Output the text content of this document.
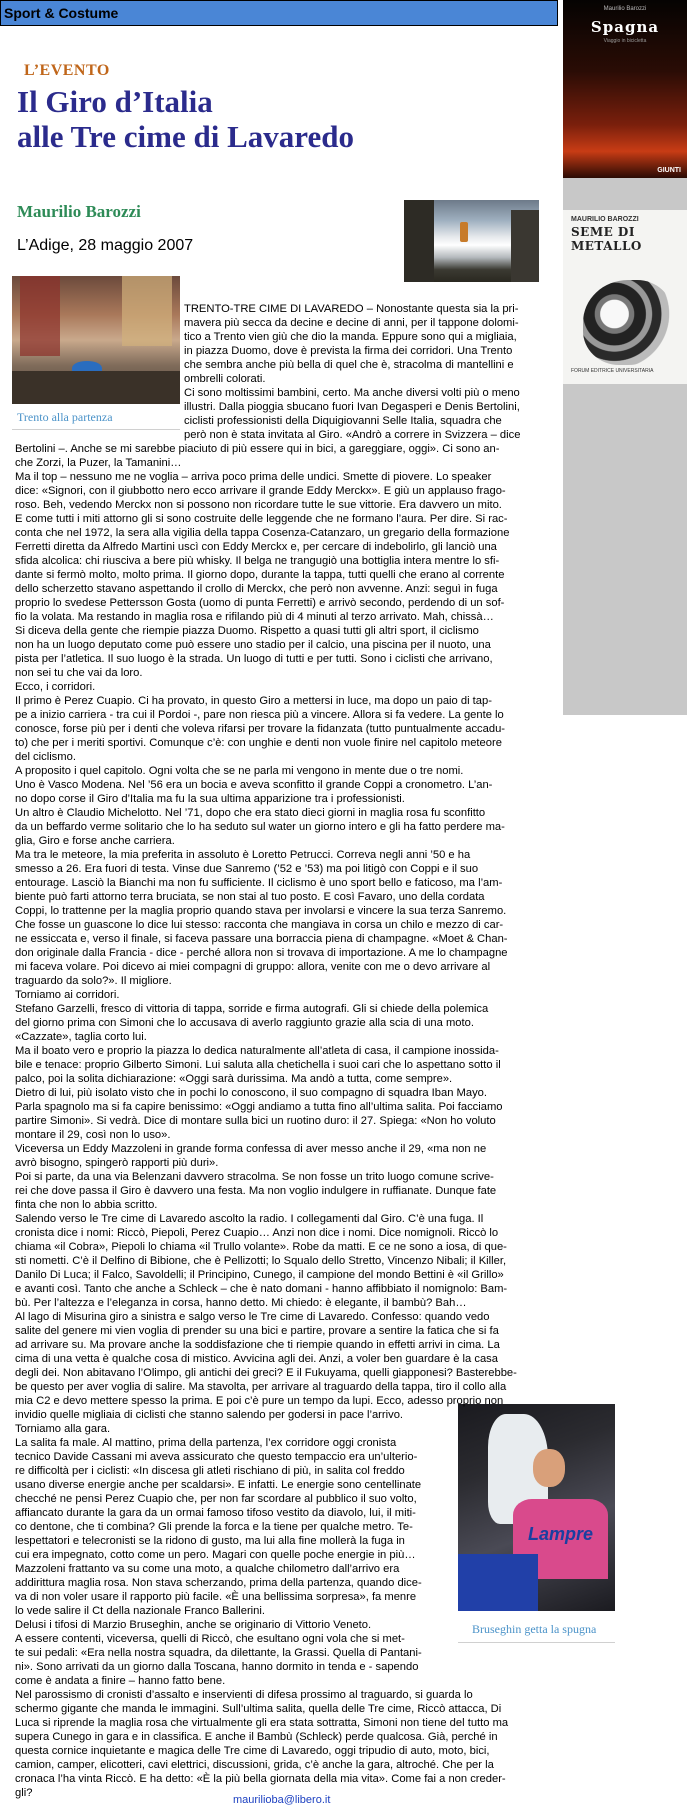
Maurilio Barozzi
Spagna
Viaggio in bicicletta
GIUNTI
MAURILIO BAROZZI
SEME DI METALLO
FORUM EDITRICE UNIVERSITARIA
Sport & Costume
L’EVENTO
Il Giro d’Italia
alle Tre cime di Lavaredo
Maurilio Barozzi
L’Adige, 28 maggio 2007
Trento alla partenza
Lampre
Bruseghin getta la spugna
TRENTO-TRE CIME DI LAVAREDO – Nonostante questa sia la pri-
mavera più secca da decine e decine di anni, per il tappone dolomi-
tico a Trento vien giù che dio la manda. Eppure sono qui a migliaia,
in piazza Duomo, dove è prevista la firma dei corridori. Una Trento
che sembra anche più bella di quel che è, stracolma di mantellini e
ombrelli colorati.
Ci sono moltissimi bambini, certo. Ma anche diversi volti più o meno
illustri. Dalla pioggia sbucano fuori Ivan Degasperi e Denis Bertolini,
ciclisti professionisti della Diquigiovanni Selle Italia, squadra che
però non è stata invitata al Giro. «Andrò a correre in Svizzera – dice
Bertolini –. Anche se mi sarebbe piaciuto di più essere qui in bici, a gareggiare, oggi». Ci sono an-
che Zorzi, la Puzer, la Tamanini…
Ma il top – nessuno me ne voglia – arriva poco prima delle undici. Smette di piovere. Lo speaker
dice: «Signori, con il giubbotto nero ecco arrivare il grande Eddy Merckx». E giù un applauso frago-
roso. Beh, vedendo Merckx non si possono non ricordare tutte le sue vittorie. Era davvero un mito.
E come tutti i miti attorno gli si sono costruite delle leggende che ne formano l’aura. Per dire. Si rac-
conta che nel 1972, la sera alla vigilia della tappa Cosenza-Catanzaro, un gregario della formazione
Ferretti diretta da Alfredo Martini uscì con Eddy Merckx e, per cercare di indebolirlo, gli lanciò una
sfida alcolica: chi riusciva a bere più whisky. Il belga ne trangugiò una bottiglia intera mentre lo sfi-
dante si fermò molto, molto prima. Il giorno dopo, durante la tappa, tutti quelli che erano al corrente
dello scherzetto stavano aspettando il crollo di Merckx, che però non avvenne. Anzi: seguì in fuga
proprio lo svedese Pettersson Gosta (uomo di punta Ferretti) e arrivò secondo, perdendo di un sof-
fio la volata. Ma restando in maglia rosa e rifilando più di 4 minuti al terzo arrivato. Mah, chissà…
Si diceva della gente che riempie piazza Duomo. Rispetto a quasi tutti gli altri sport, il ciclismo
non ha un luogo deputato come può essere uno stadio per il calcio, una piscina per il nuoto, una
pista per l’atletica. Il suo luogo è la strada. Un luogo di tutti e per tutti. Sono i ciclisti che arrivano,
non sei tu che vai da loro.
Ecco, i corridori.
Il primo è Perez Cuapio. Ci ha provato, in questo Giro a mettersi in luce, ma dopo un paio di tap-
pe a inizio carriera - tra cui il Pordoi -, pare non riesca più a vincere. Allora si fa vedere. La gente lo
conosce, forse più per i denti che voleva rifarsi per trovare la fidanzata (tutto puntualmente accadu-
to) che per i meriti sportivi. Comunque c’è: con unghie e denti non vuole finire nel capitolo meteore
del ciclismo.
A proposito i quel capitolo. Ogni volta che se ne parla mi vengono in mente due o tre nomi.
Uno è Vasco Modena. Nel ’56 era un bocia e aveva sconfitto il grande Coppi a cronometro. L’an-
no dopo corse il Giro d’Italia ma fu la sua ultima apparizione tra i professionisti.
Un altro è Claudio Michelotto. Nel ’71, dopo che era stato dieci giorni in maglia rosa fu sconfitto
da un beffardo verme solitario che lo ha seduto sul water un giorno intero e gli ha fatto perdere ma-
glia, Giro e forse anche carriera.
Ma tra le meteore, la mia preferita in assoluto è Loretto Petrucci. Correva negli anni ’50 e ha
smesso a 26. Era fuori di testa. Vinse due Sanremo (’52 e ’53) ma poi litigò con Coppi e il suo
entourage. Lasciò la Bianchi ma non fu sufficiente. Il ciclismo è uno sport bello e faticoso, ma l’am-
biente può farti attorno terra bruciata, se non stai al tuo posto. E così Favaro, uno della cordata
Coppi, lo trattenne per la maglia proprio quando stava per involarsi e vincere la sua terza Sanremo.
Che fosse un guascone lo dice lui stesso: racconta che mangiava in corsa un chilo e mezzo di car-
ne essiccata e, verso il finale, si faceva passare una borraccia piena di champagne. «Moet & Chan-
don originale dalla Francia - dice - perché allora non si trovava di importazione. A me lo champagne
mi faceva volare. Poi dicevo ai miei compagni di gruppo: allora, venite con me o devo arrivare al
traguardo da solo?». Il migliore.
Torniamo ai corridori.
Stefano Garzelli, fresco di vittoria di tappa, sorride e firma autografi. Gli si chiede della polemica
del giorno prima con Simoni che lo accusava di averlo raggiunto grazie alla scia di una moto.
«Cazzate», taglia corto lui.
Ma il boato vero e proprio la piazza lo dedica naturalmente all’atleta di casa, il campione inossida-
bile e tenace: proprio Gilberto Simoni. Lui saluta alla chetichella i suoi cari che lo aspettano sotto il
palco, poi la solita dichiarazione: «Oggi sarà durissima. Ma andò a tutta, come sempre».
Dietro di lui, più isolato visto che in pochi lo conoscono, il suo compagno di squadra Iban Mayo.
Parla spagnolo ma si fa capire benissimo: «Oggi andiamo a tutta fino all’ultima salita. Poi facciamo
partire Simoni». Si vedrà. Dice di montare sulla bici un ruotino duro: il 27. Spiega: «Non ho voluto
montare il 29, così non lo uso».
Viceversa un Eddy Mazzoleni in grande forma confessa di aver messo anche il 29, «ma non ne
avrò bisogno, spingerò rapporti più duri».
Poi si parte, da una via Belenzani davvero stracolma. Se non fosse un trito luogo comune scrive-
rei che dove passa il Giro è davvero una festa. Ma non voglio indulgere in ruffianate. Dunque fate
finta che non lo abbia scritto.
Salendo verso le Tre cime di Lavaredo ascolto la radio. I collegamenti dal Giro. C’è una fuga. Il
cronista dice i nomi: Riccò, Piepoli, Perez Cuapio… Anzi non dice i nomi. Dice nomignoli. Riccò lo
chiama «il Cobra», Piepoli lo chiama «il Trullo volante». Robe da matti. E ce ne sono a iosa, di que-
sti nometti. C’è il Delfino di Bibione, che è Pellizotti; lo Squalo dello Stretto, Vincenzo Nibali; il Killer,
Danilo Di Luca; il Falco, Savoldelli; il Principino, Cunego, il campione del mondo Bettini è «il Grillo»
e avanti così. Tanto che anche a Schleck – che è nato domani - hanno affibbiato il nomignolo: Bam-
bù. Per l’altezza e l’eleganza in corsa, hanno detto. Mi chiedo: è elegante, il bambù? Bah…
Al lago di Misurina giro a sinistra e salgo verso le Tre cime di Lavaredo. Confesso: quando vedo
salite del genere mi vien voglia di prender su una bici e partire, provare a sentire la fatica che si fa
ad arrivare su. Ma provare anche la soddisfazione che ti riempie quando in effetti arrivi in cima. La
cima di una vetta è qualche cosa di mistico. Avvicina agli dei. Anzi, a voler ben guardare è la casa
degli dei. Non abitavano l’Olimpo, gli antichi dei greci? E il Fukuyama, quelli giapponesi? Basterebbe-
be questo per aver voglia di salire. Ma stavolta, per arrivare al traguardo della tappa, tiro il collo alla
mia C2 e devo mettere spesso la prima. E poi c’è pure un tempo da lupi. Ecco, adesso proprio non
invidio quelle migliaia di ciclisti che stanno salendo per godersi in pace l’arrivo.
Torniamo alla gara.
La salita fa male. Al mattino, prima della partenza, l’ex corridore oggi cronista
tecnico Davide Cassani mi aveva assicurato che questo tempaccio era un’ulterio-
re difficoltà per i ciclisti: «In discesa gli atleti rischiano di più, in salita col freddo
usano diverse energie anche per scaldarsi». E infatti. Le energie sono centellinate
checché ne pensi Perez Cuapio che, per non far scordare al pubblico il suo volto,
affiancato durante la gara da un ormai famoso tifoso vestito da diavolo, lui, il miti-
co dentone, che ti combina? Gli prende la forca e la tiene per qualche metro. Te-
lespettatori e telecronisti se la ridono di gusto, ma lui alla fine mollerà la fuga in
cui era impegnato, cotto come un pero. Magari con quelle poche energie in più…
Mazzoleni frattanto va su come una moto, a qualche chilometro dall’arrivo era
addirittura maglia rosa. Non stava scherzando, prima della partenza, quando dice-
va di non voler usare il rapporto più facile. «È una bellissima sorpresa», fa menre
lo vede salire il Ct della nazionale Franco Ballerini.
Delusi i tifosi di Marzio Bruseghin, anche se originario di Vittorio Veneto.
A essere contenti, viceversa, quelli di Riccò, che esultano ogni vola che si met-
te sui pedali: «Era nella nostra squadra, da dilettante, la Grassi. Quella di Pantani-
ni». Sono arrivati da un giorno dalla Toscana, hanno dormito in tenda e - sapendo
come è andata a finire – hanno fatto bene.
Nel parossismo di cronisti d’assalto e inservienti di difesa prossimo al traguardo, si guarda lo
schermo gigante che manda le immagini. Sull’ultima salita, quella delle Tre cime, Riccò attacca, Di
Luca si riprende la maglia rosa che virtualmente gli era stata sottratta, Simoni non tiene del tutto ma
supera Cunego in gara e in classifica. E anche il Bambù (Schleck) perde qualcosa. Già, perché in
questa cornice inquietante e magica delle Tre cime di Lavaredo, oggi tripudio di auto, moto, bici,
camion, camper, elicotteri, cavi elettrici, discussioni, grida, c’è anche la gara, altroché. Che per la
cronaca l’ha vinta Riccò. E ha detto: «È la più bella giornata della mia vita». Come fai a non creder-
gli?
maurilioba@libero.it
